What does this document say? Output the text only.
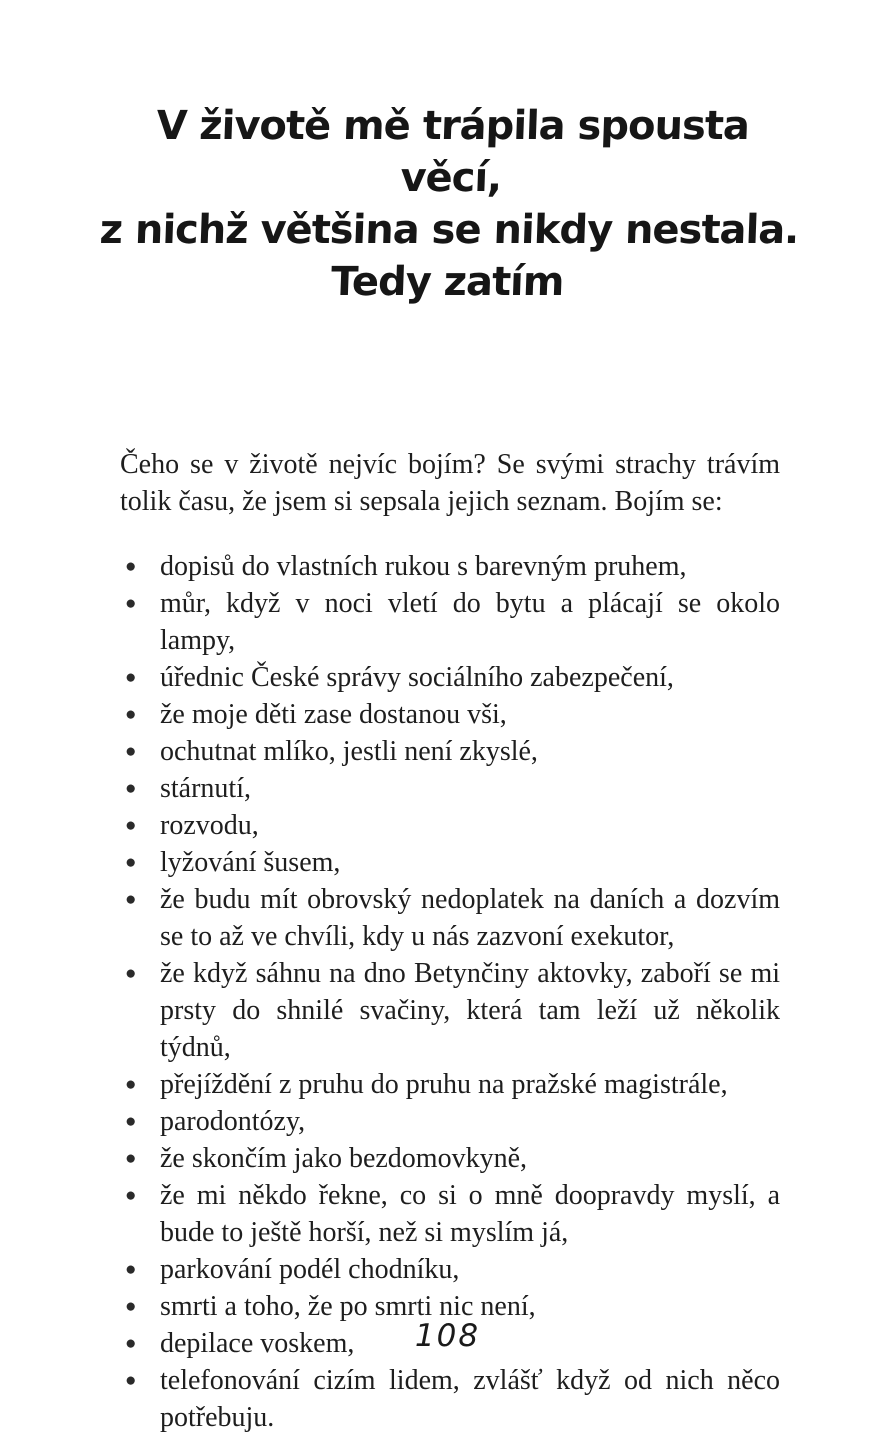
V životě mě trápila spousta věcí,
z nichž většina se nikdy nestala.
Tedy zatím

Čeho se v životě nejvíc bojím? Se svými strachy trávím tolik času, že jsem si sepsala jejich seznam. Bojím se:

● dopisů do vlastních rukou s barevným pruhem,
● můr, když v noci vletí do bytu a plácají se okolo lampy,
● úřednic České správy sociálního zabezpečení,
● že moje děti zase dostanou vši,
● ochutnat mlíko, jestli není zkyslé,
● stárnutí,
● rozvodu,
● lyžování šusem,
● že budu mít obrovský nedoplatek na daních a dozvím se to až ve chvíli, kdy u nás zazvoní exekutor,
● že když sáhnu na dno Betynčiny aktovky, zaboří se mi prsty do shnilé svačiny, která tam leží už několik týdnů,
● přejíždění z pruhu do pruhu na pražské magistrále,
● parodontózy,
● že skončím jako bezdomovkyně,
● že mi někdo řekne, co si o mně doopravdy myslí, a bude to ještě horší, než si myslím já,
● parkování podél chodníku,
● smrti a toho, že po smrti nic není,
● depilace voskem,
● telefonování cizím lidem, zvlášť když od nich něco potřebuju.
108
